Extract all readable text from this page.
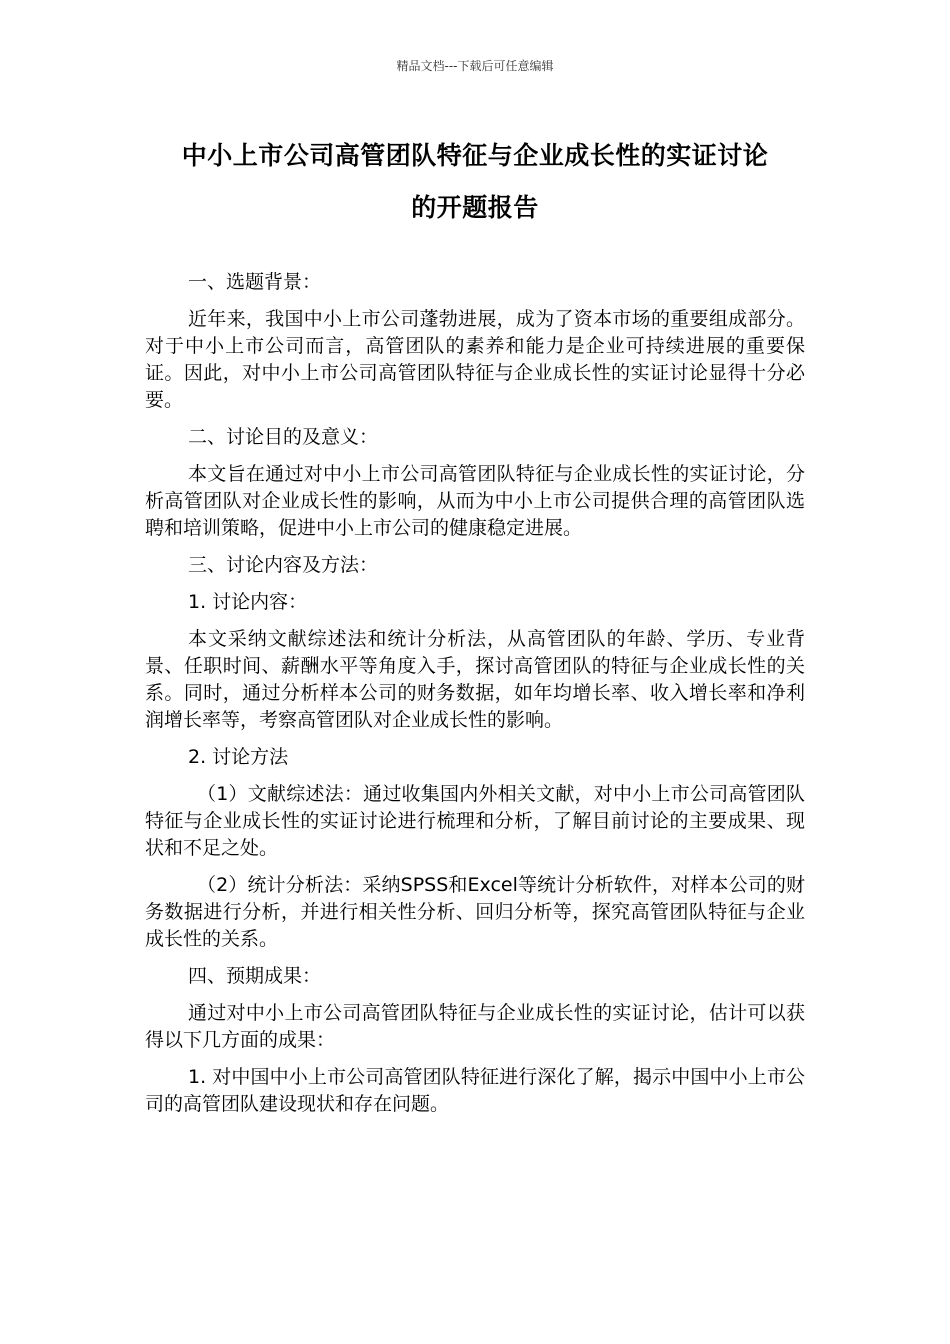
精品文档---下载后可任意编辑
中小上市公司高管团队特征与企业成长性的实证讨论
的开题报告

一、选题背景：

近年来，我国中小上市公司蓬勃进展，成为了资本市场的重要组成部分。对于中小上市公司而言，高管团队的素养和能力是企业可持续进展的重要保证。因此，对中小上市公司高管团队特征与企业成长性的实证讨论显得十分必要。

二、讨论目的及意义：

本文旨在通过对中小上市公司高管团队特征与企业成长性的实证讨论，分析高管团队对企业成长性的影响，从而为中小上市公司提供合理的高管团队选聘和培训策略，促进中小上市公司的健康稳定进展。

三、讨论内容及方法：

1. 讨论内容：

本文采纳文献综述法和统计分析法，从高管团队的年龄、学历、专业背景、任职时间、薪酬水平等角度入手，探讨高管团队的特征与企业成长性的关系。同时，通过分析样本公司的财务数据，如年均增长率、收入增长率和净利润增长率等，考察高管团队对企业成长性的影响。

2. 讨论方法

（1）文献综述法：通过收集国内外相关文献，对中小上市公司高管团队特征与企业成长性的实证讨论进行梳理和分析，了解目前讨论的主要成果、现状和不足之处。

（2）统计分析法：采纳SPSS和Excel等统计分析软件，对样本公司的财务数据进行分析，并进行相关性分析、回归分析等，探究高管团队特征与企业成长性的关系。

四、预期成果：

通过对中小上市公司高管团队特征与企业成长性的实证讨论，估计可以获得以下几方面的成果：

1. 对中国中小上市公司高管团队特征进行深化了解，揭示中国中小上市公司的高管团队建设现状和存在问题。
